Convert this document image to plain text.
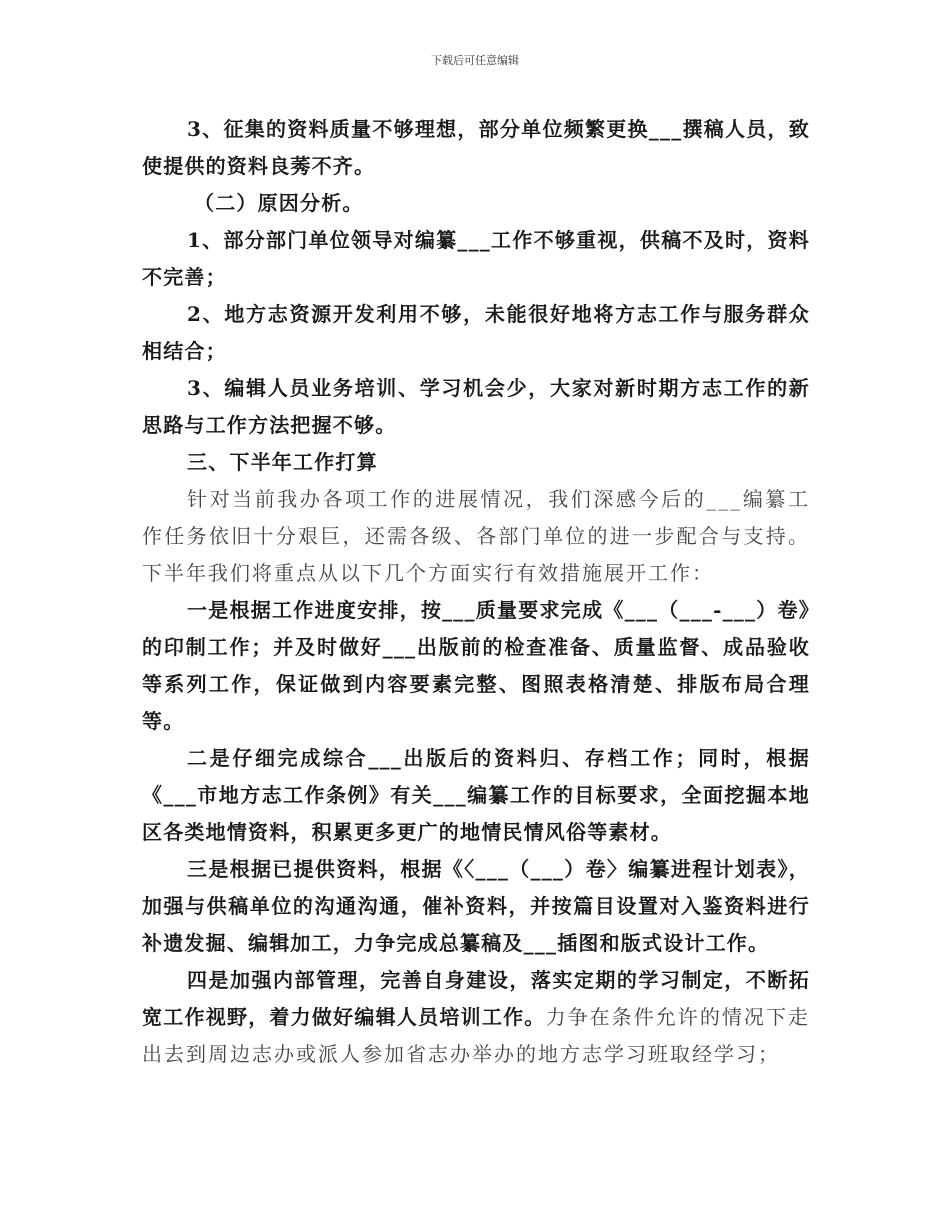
下载后可任意编辑

3、征集的资料质量不够理想，部分单位频繁更换___撰稿人员，致使提供的资料良莠不齐。

（二）原因分析。

1、部分部门单位领导对编纂___工作不够重视，供稿不及时，资料不完善；

2、地方志资源开发利用不够，未能很好地将方志工作与服务群众相结合；

3、编辑人员业务培训、学习机会少，大家对新时期方志工作的新思路与工作方法把握不够。

三、下半年工作打算

针对当前我办各项工作的进展情况，我们深感今后的___编纂工作任务依旧十分艰巨，还需各级、各部门单位的进一步配合与支持。下半年我们将重点从以下几个方面实行有效措施展开工作：

一是根据工作进度安排，按___质量要求完成《___（___-___）卷》的印制工作；并及时做好___出版前的检查准备、质量监督、成品验收等系列工作，保证做到内容要素完整、图照表格清楚、排版布局合理等。

二是仔细完成综合___出版后的资料归、存档工作；同时，根据《___市地方志工作条例》有关___编纂工作的目标要求，全面挖掘本地区各类地情资料，积累更多更广的地情民情风俗等素材。

三是根据已提供资料，根据《〈___（___）卷〉编纂进程计划表》，加强与供稿单位的沟通沟通，催补资料，并按篇目设置对入鉴资料进行补遗发掘、编辑加工，力争完成总纂稿及___插图和版式设计工作。

四是加强内部管理，完善自身建设，落实定期的学习制定，不断拓宽工作视野，着力做好编辑人员培训工作。力争在条件允许的情况下走出去到周边志办或派人参加省志办举办的地方志学习班取经学习；
